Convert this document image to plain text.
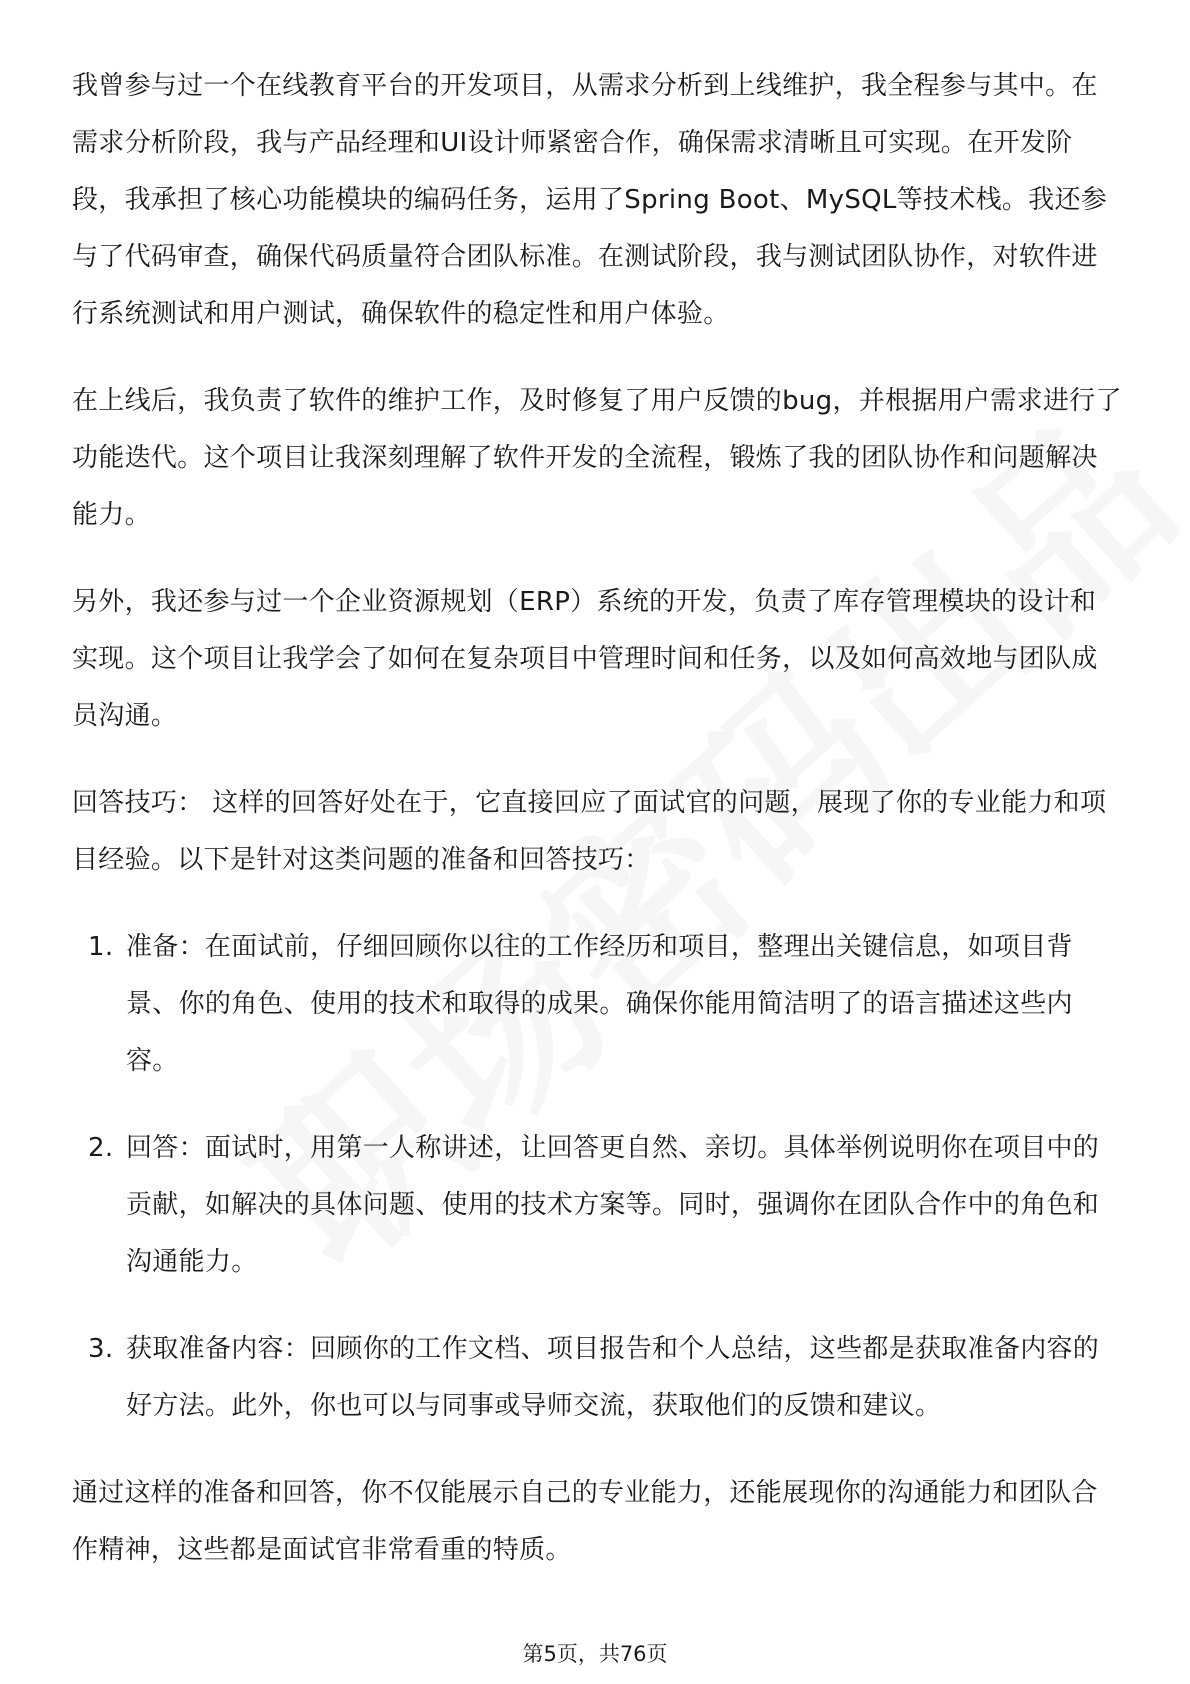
我曾参与过一个在线教育平台的开发项目，从需求分析到上线维护，我全程参与其中。在需求分析阶段，我与产品经理和UI设计师紧密合作，确保需求清晰且可实现。在开发阶段，我承担了核心功能模块的编码任务，运用了Spring Boot、MySQL等技术栈。我还参与了代码审查，确保代码质量符合团队标准。在测试阶段，我与测试团队协作，对软件进行系统测试和用户测试，确保软件的稳定性和用户体验。

在上线后，我负责了软件的维护工作，及时修复了用户反馈的bug，并根据用户需求进行了功能迭代。这个项目让我深刻理解了软件开发的全流程，锻炼了我的团队协作和问题解决能力。

另外，我还参与过一个企业资源规划（ERP）系统的开发，负责了库存管理模块的设计和实现。这个项目让我学会了如何在复杂项目中管理时间和任务，以及如何高效地与团队成员沟通。

回答技巧： 这样的回答好处在于，它直接回应了面试官的问题，展现了你的专业能力和项目经验。以下是针对这类问题的准备和回答技巧：

1. 准备：在面试前，仔细回顾你以往的工作经历和项目，整理出关键信息，如项目背景、你的角色、使用的技术和取得的成果。确保你能用简洁明了的语言描述这些内容。
2. 回答：面试时，用第一人称讲述，让回答更自然、亲切。具体举例说明你在项目中的贡献，如解决的具体问题、使用的技术方案等。同时，强调你在团队合作中的角色和沟通能力。
3. 获取准备内容：回顾你的工作文档、项目报告和个人总结，这些都是获取准备内容的好方法。此外，你也可以与同事或导师交流，获取他们的反馈和建议。

通过这样的准备和回答，你不仅能展示自己的专业能力，还能展现你的沟通能力和团队合作精神，这些都是面试官非常看重的特质。

第5页，共76页
